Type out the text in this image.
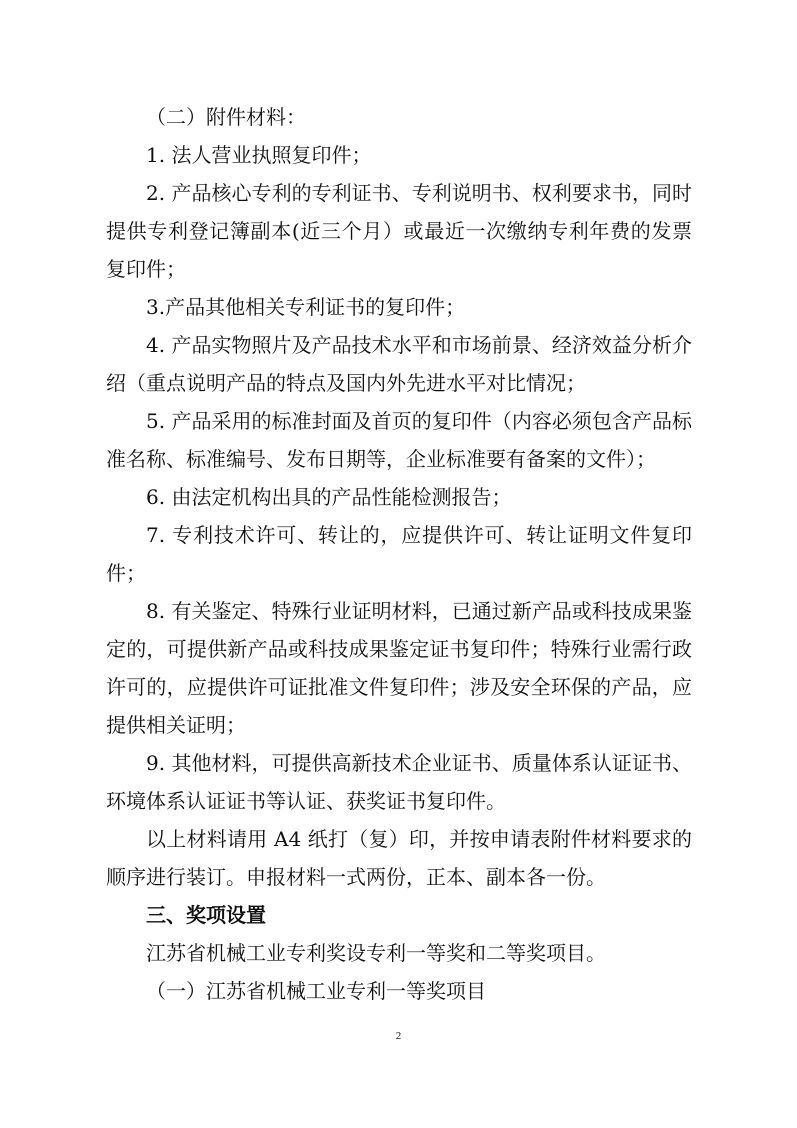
（二）附件材料：

1. 法人营业执照复印件；

2. 产品核心专利的专利证书、专利说明书、权利要求书，同时提供专利登记簿副本(近三个月）或最近一次缴纳专利年费的发票复印件；

3.产品其他相关专利证书的复印件；

4. 产品实物照片及产品技术水平和市场前景、经济效益分析介绍（重点说明产品的特点及国内外先进水平对比情况；

5. 产品采用的标准封面及首页的复印件（内容必须包含产品标准名称、标准编号、发布日期等，企业标准要有备案的文件）；

6. 由法定机构出具的产品性能检测报告；

7. 专利技术许可、转让的，应提供许可、转让证明文件复印件；

8. 有关鉴定、特殊行业证明材料，已通过新产品或科技成果鉴定的，可提供新产品或科技成果鉴定证书复印件；特殊行业需行政许可的，应提供许可证批准文件复印件；涉及安全环保的产品，应提供相关证明；

9. 其他材料，可提供高新技术企业证书、质量体系认证证书、环境体系认证证书等认证、获奖证书复印件。

以上材料请用 A4 纸打（复）印，并按申请表附件材料要求的顺序进行装订。申报材料一式两份，正本、副本各一份。

三、奖项设置

江苏省机械工业专利奖设专利一等奖和二等奖项目。

（一）江苏省机械工业专利一等奖项目

2
